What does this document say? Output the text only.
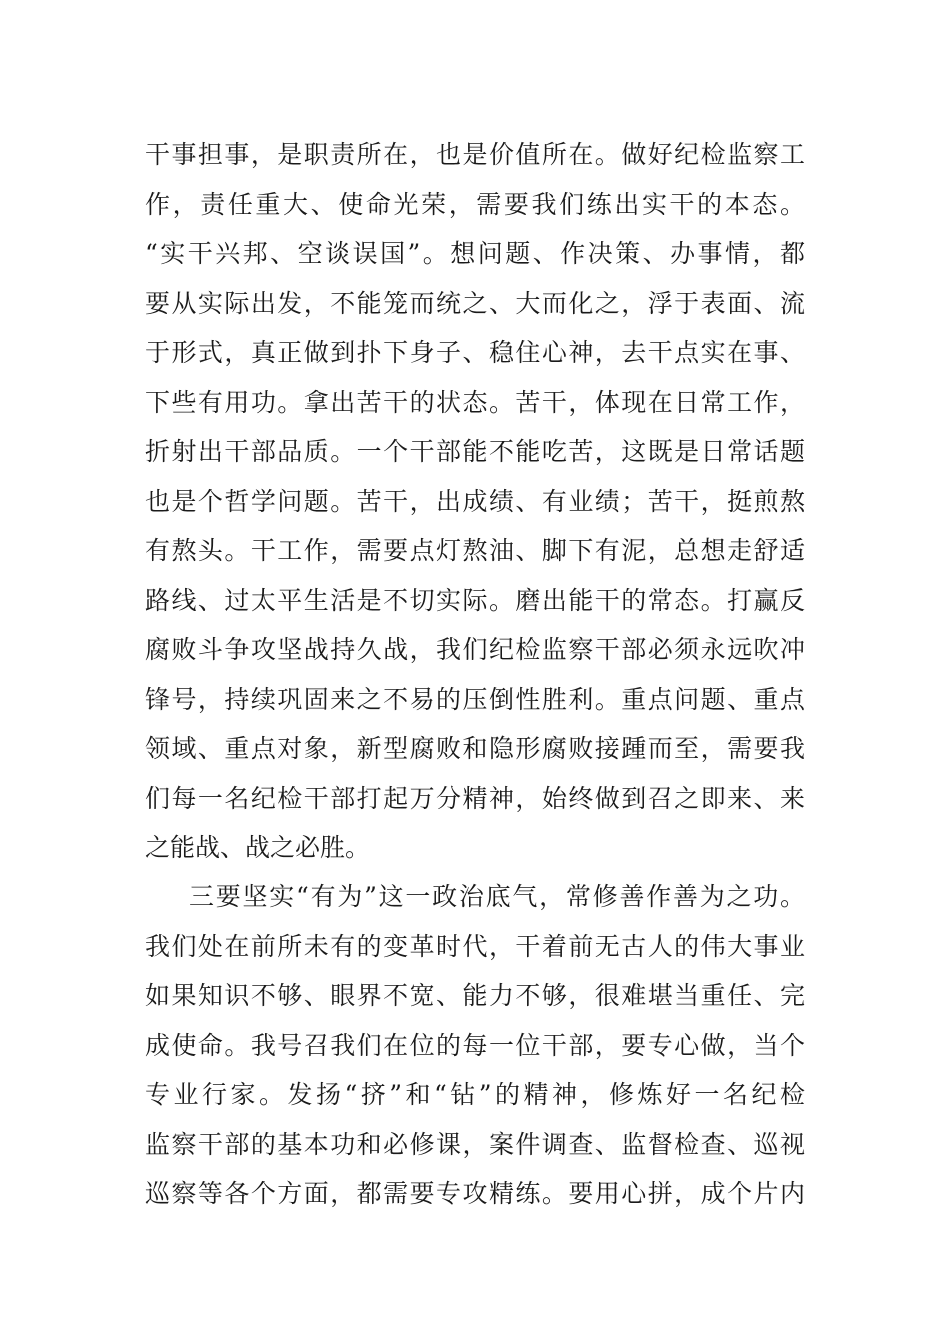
干事担事，是职责所在，也是价值所在。做好纪检监察工
作，责任重大、使命光荣，需要我们练出实干的本态。
“实干兴邦、空谈误国”。想问题、作决策、办事情，都
要从实际出发，不能笼而统之、大而化之，浮于表面、流
于形式，真正做到扑下身子、稳住心神，去干点实在事、
下些有用功。拿出苦干的状态。苦干，体现在日常工作，
折射出干部品质。一个干部能不能吃苦，这既是日常话题
也是个哲学问题。苦干，出成绩、有业绩；苦干，挺煎熬
有熬头。干工作，需要点灯熬油、脚下有泥，总想走舒适
路线、过太平生活是不切实际。磨出能干的常态。打赢反
腐败斗争攻坚战持久战，我们纪检监察干部必须永远吹冲
锋号，持续巩固来之不易的压倒性胜利。重点问题、重点
领域、重点对象，新型腐败和隐形腐败接踵而至，需要我
们每一名纪检干部打起万分精神，始终做到召之即来、来
之能战、战之必胜。
三要坚实“有为”这一政治底气，常修善作善为之功。
我们处在前所未有的变革时代，干着前无古人的伟大事业
如果知识不够、眼界不宽、能力不够，很难堪当重任、完
成使命。我号召我们在位的每一位干部，要专心做，当个
专业行家。发扬“挤”和“钻”的精神，修炼好一名纪检
监察干部的基本功和必修课，案件调查、监督检查、巡视
巡察等各个方面，都需要专攻精练。要用心拼，成个片内
